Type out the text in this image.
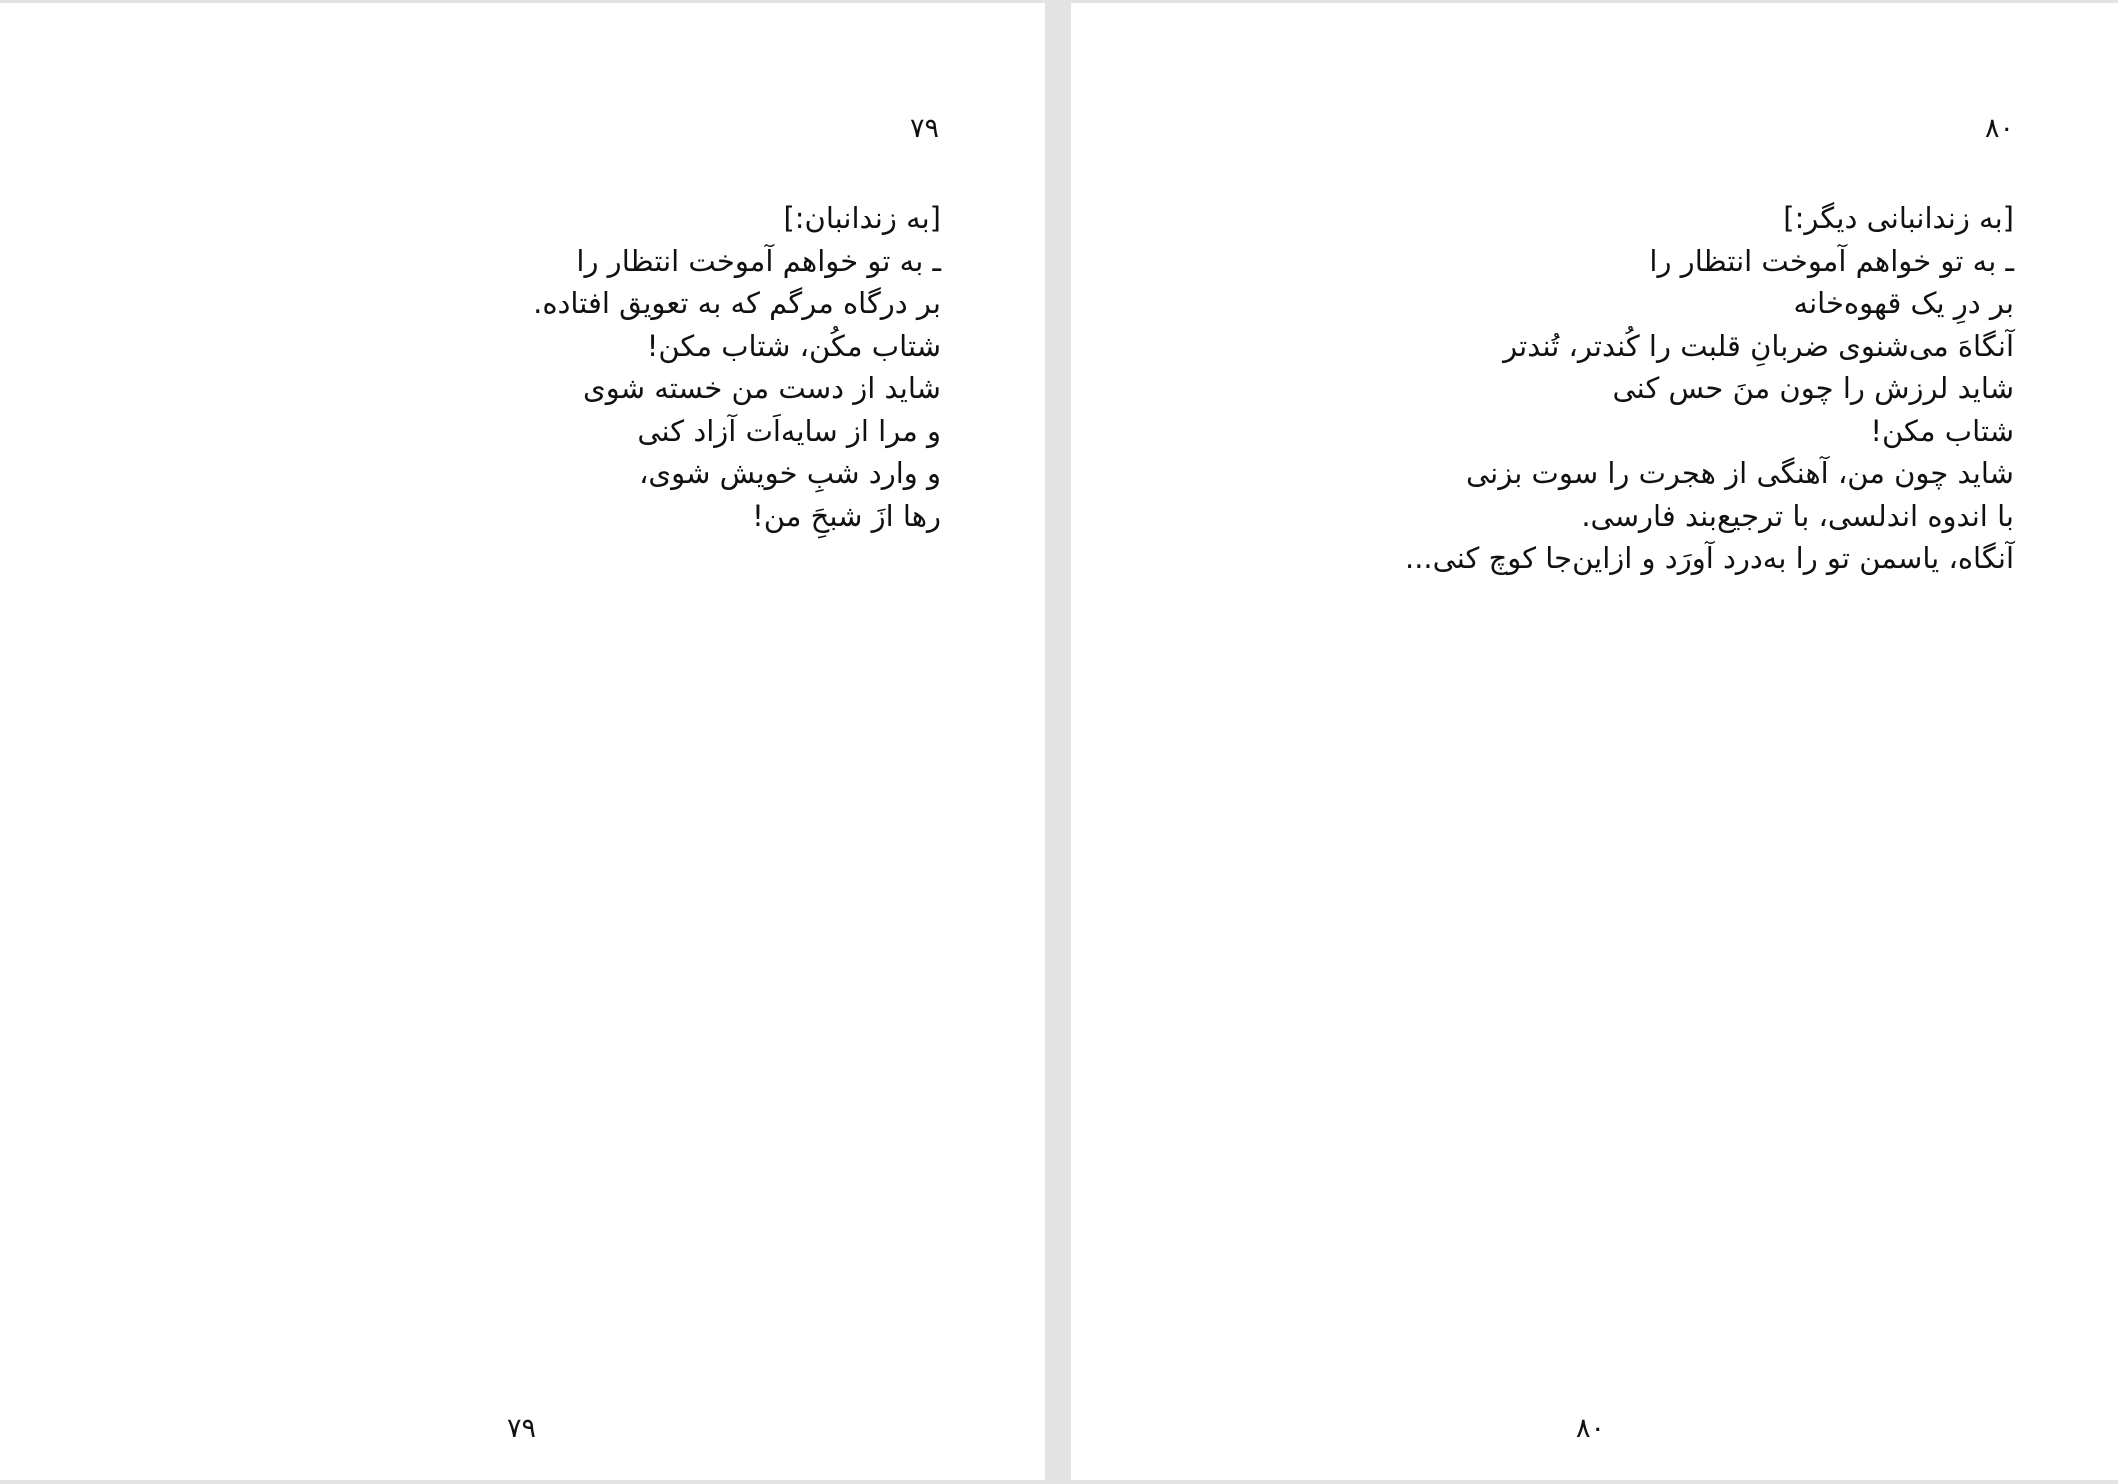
۷۹
[به زندانبان:]
ـ به تو خواهم آموخت انتظار را
بر درگاه مرگم که به تعویق افتاده.
شتاب مکُن، شتاب مکن!
شاید از دست من خسته شوی
و مرا از سایه‌اَت آزاد کنی
و وارد شبِ خویش شوی،
رها ازَ شبحَِ من!
۷۹
۸۰
[به زندانبانی دیگر:]
ـ به تو خواهم آموخت انتظار را
بر درِ یک قهوه‌خانه
آنگاهَ می‌شنوی ضربانِ قلبت را کُندتر، تُندتر
شاید لرزش را چون منَ حس کنی
شتاب مکن!
شاید چون من، آهنگی از هجرت را سوت بزنی
با اندوه اندلسی، با ترجیع‌بند فارسی.
آنگاه، یاسمن تو را به‌درد آورَد و ازاین‌جا کوچ کنی...
۸۰
